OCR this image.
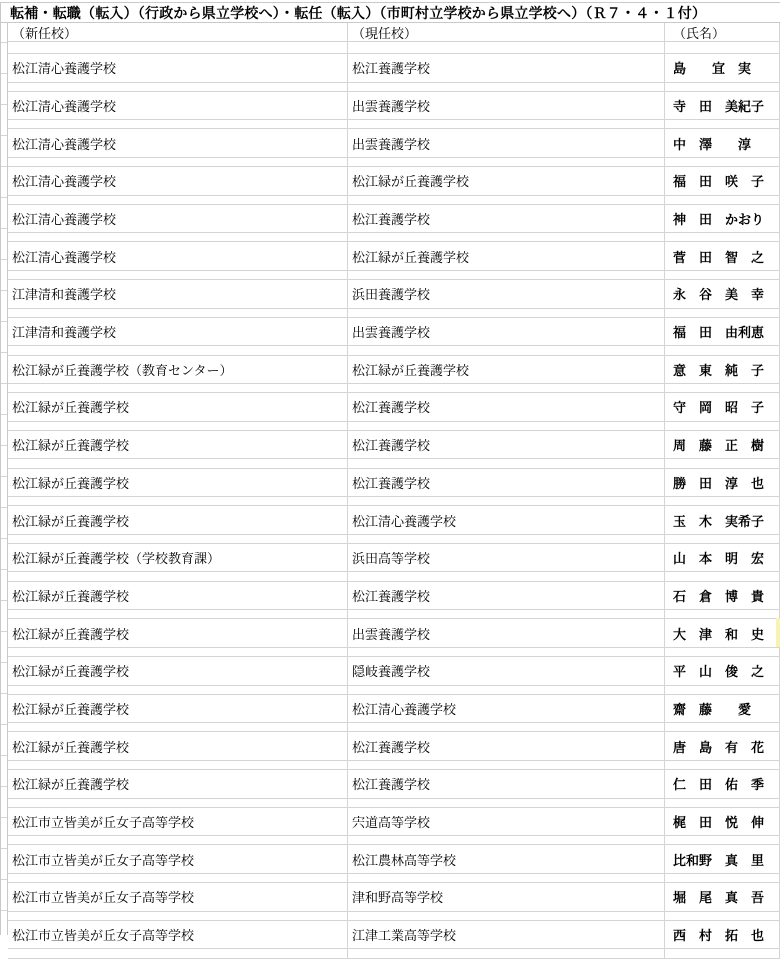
転補・転職（転入）（行政から県立学校へ）・転任（転入）（市町村立学校から県立学校へ）（Ｒ７・４・１付）
（新任校）	（現任校）	（氏名）
松江清心養護学校	松江養護学校	島　　宜　実
松江清心養護学校	出雲養護学校	寺　田　美紀子
松江清心養護学校	出雲養護学校	中　澤　　淳
松江清心養護学校	松江緑が丘養護学校	福　田　咲　子
松江清心養護学校	松江養護学校	神　田　かおり
松江清心養護学校	松江緑が丘養護学校	菅　田　智　之
江津清和養護学校	浜田養護学校	永　谷　美　幸
江津清和養護学校	出雲養護学校	福　田　由利恵
松江緑が丘養護学校（教育センター）	松江緑が丘養護学校	意　東　純　子
松江緑が丘養護学校	松江養護学校	守　岡　昭　子
松江緑が丘養護学校	松江養護学校	周　藤　正　樹
松江緑が丘養護学校	松江養護学校	勝　田　淳　也
松江緑が丘養護学校	松江清心養護学校	玉　木　実希子
松江緑が丘養護学校（学校教育課）	浜田高等学校	山　本　明　宏
松江緑が丘養護学校	松江養護学校	石　倉　博　貴
松江緑が丘養護学校	出雲養護学校	大　津　和　史
松江緑が丘養護学校	隠岐養護学校	平　山　俊　之
松江緑が丘養護学校	松江清心養護学校	齋　藤　　愛
松江緑が丘養護学校	松江養護学校	唐　島　有　花
松江緑が丘養護学校	松江養護学校	仁　田　佑　季
松江市立皆美が丘女子高等学校	宍道高等学校	梶　田　悦　伸
松江市立皆美が丘女子高等学校	松江農林高等学校	比和野　真　里
松江市立皆美が丘女子高等学校	津和野高等学校	堀　尾　真　吾
松江市立皆美が丘女子高等学校	江津工業高等学校	西　村　拓　也
